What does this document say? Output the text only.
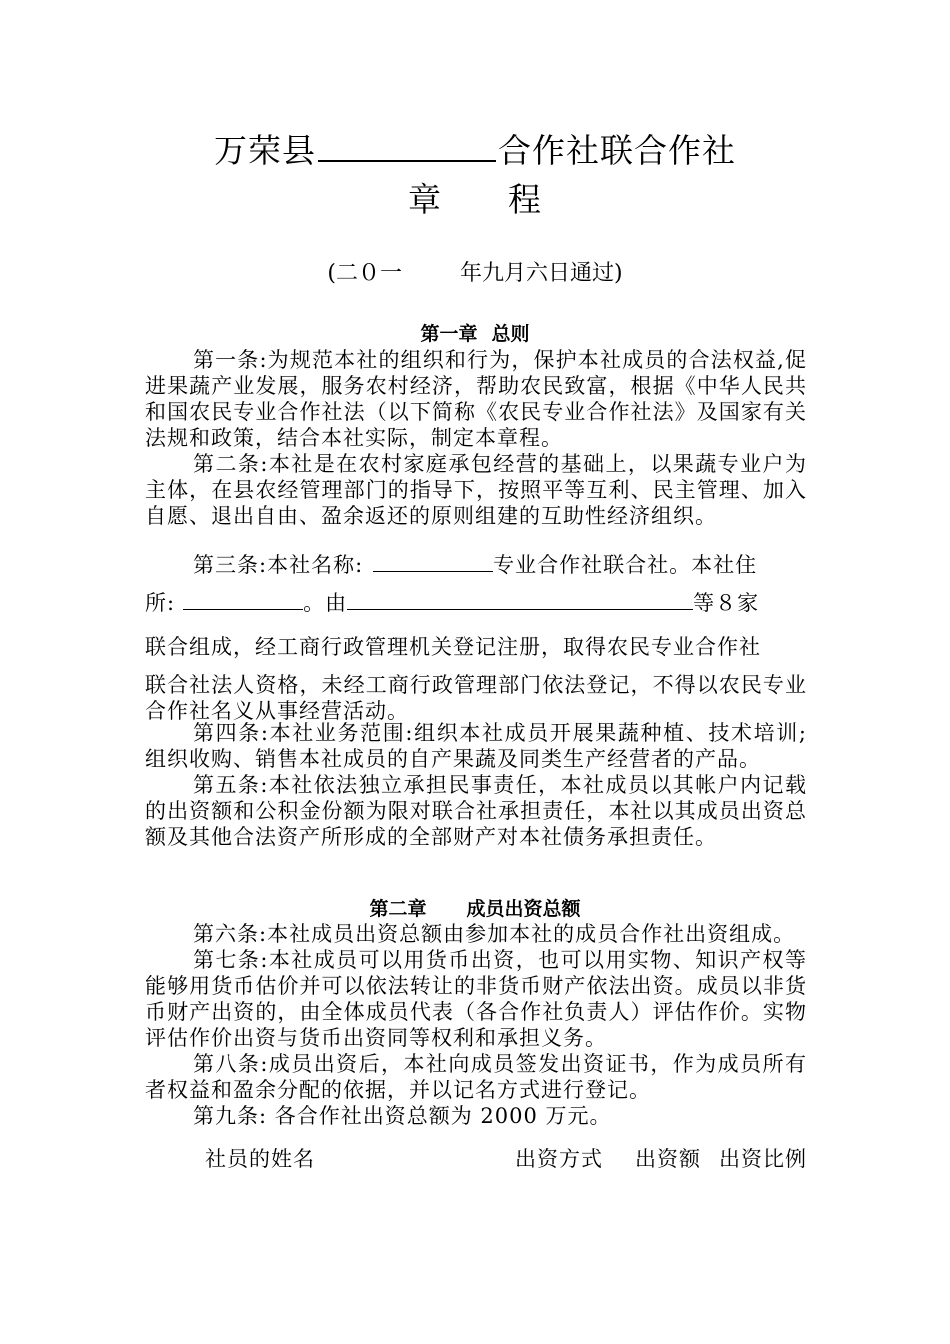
万荣县	合作社联合作社
章 程
(二０一	年九月六日通过)
第一章 总则

第一条:为规范本社的组织和行为，保护本社成员的合法权益,促进果蔬产业发展，服务农村经济，帮助农民致富，根据《中华人民共和国农民专业合作社法（以下简称《农民专业合作社法》及国家有关法规和政策，结合本社实际，制定本章程。

第二条:本社是在农村家庭承包经营的基础上，以果蔬专业户为主体，在县农经管理部门的指导下，按照平等互利、民主管理、加入自愿、退出自由、盈余返还的原则组建的互助性经济组织。

第三条:本社名称:	专业合作社联合社。本社住

所:	。由	等８家

联合组成，经工商行政管理机关登记注册，取得农民专业合作社

联合社法人资格，未经工商行政管理部门依法登记，不得以农民专业合作社名义从事经营活动。

第四条:本社业务范围:组织本社成员开展果蔬种植、技术培训;组织收购、销售本社成员的自产果蔬及同类生产经营者的产品。

第五条:本社依法独立承担民事责任，本社成员以其帐户内记载的出资额和公积金份额为限对联合社承担责任，本社以其成员出资总额及其他合法资产所形成的全部财产对本社债务承担责任。

第二章 成员出资总额

第六条:本社成员出资总额由参加本社的成员合作社出资组成。

第七条:本社成员可以用货币出资，也可以用实物、知识产权等能够用货币估价并可以依法转让的非货币财产依法出资。成员以非货币财产出资的，由全体成员代表（各合作社负责人）评估作价。实物评估作价出资与货币出资同等权利和承担义务。

第八条:成员出资后，本社向成员签发出资证书，作为成员所有者权益和盈余分配的依据，并以记名方式进行登记。

第九条: 各合作社出资总额为 2000 万元。

社员的姓名	出资方式 出资额 出资比例
